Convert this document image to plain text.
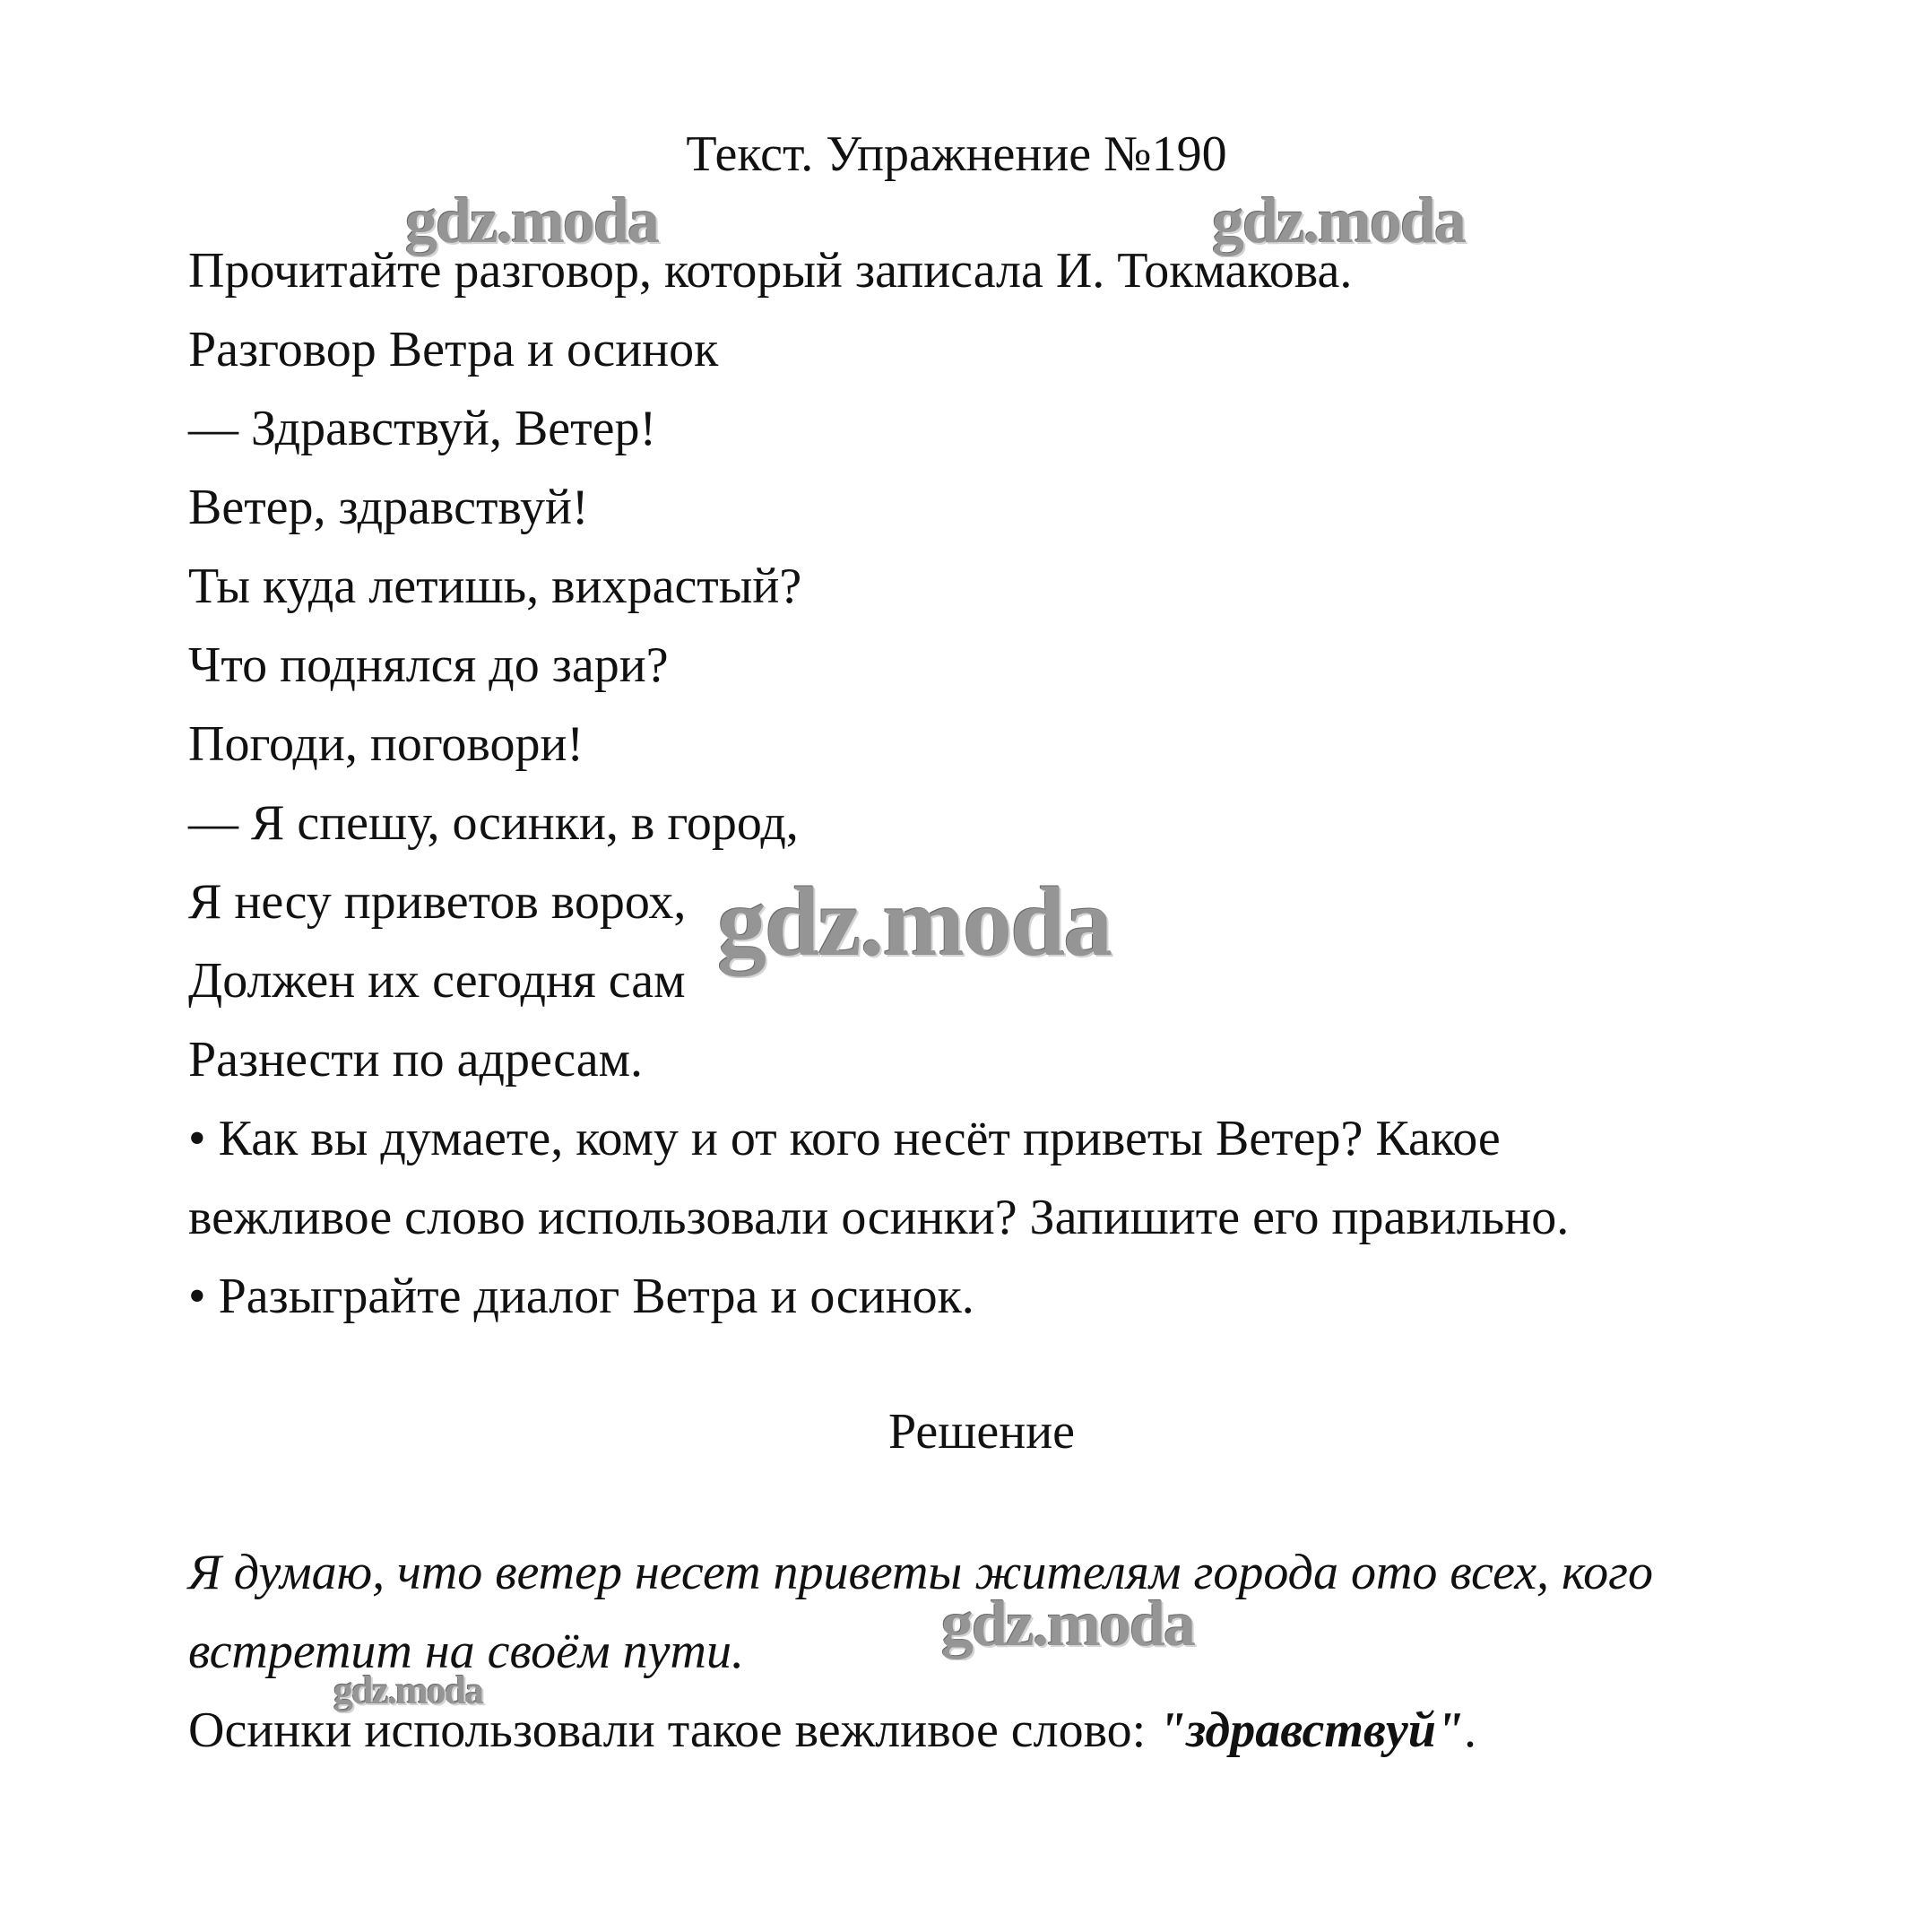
Текст. Упражнение №190
Прочитайте разговор, который записала И. Токмакова.
Разговор Ветра и осинок
— Здравствуй, Ветер!
Ветер, здравствуй!
Ты куда летишь, вихрастый?
Что поднялся до зари?
Погоди, поговори!
— Я спешу, осинки, в город,
Я несу приветов ворох,
Должен их сегодня сам
Разнести по адресам.
• Как вы думаете, кому и от кого несёт приветы Ветер? Какое
вежливое слово использовали осинки? Запишите его правильно.
• Разыграйте диалог Ветра и осинок.
Решение
Я думаю, что ветер несет приветы жителям города ото всех, кого
встретит на своём пути.
Осинки использовали такое вежливое слово: "здравствуй".
gdz.moda	gdz.moda
gdz.moda
gdz.moda
gdz.moda
